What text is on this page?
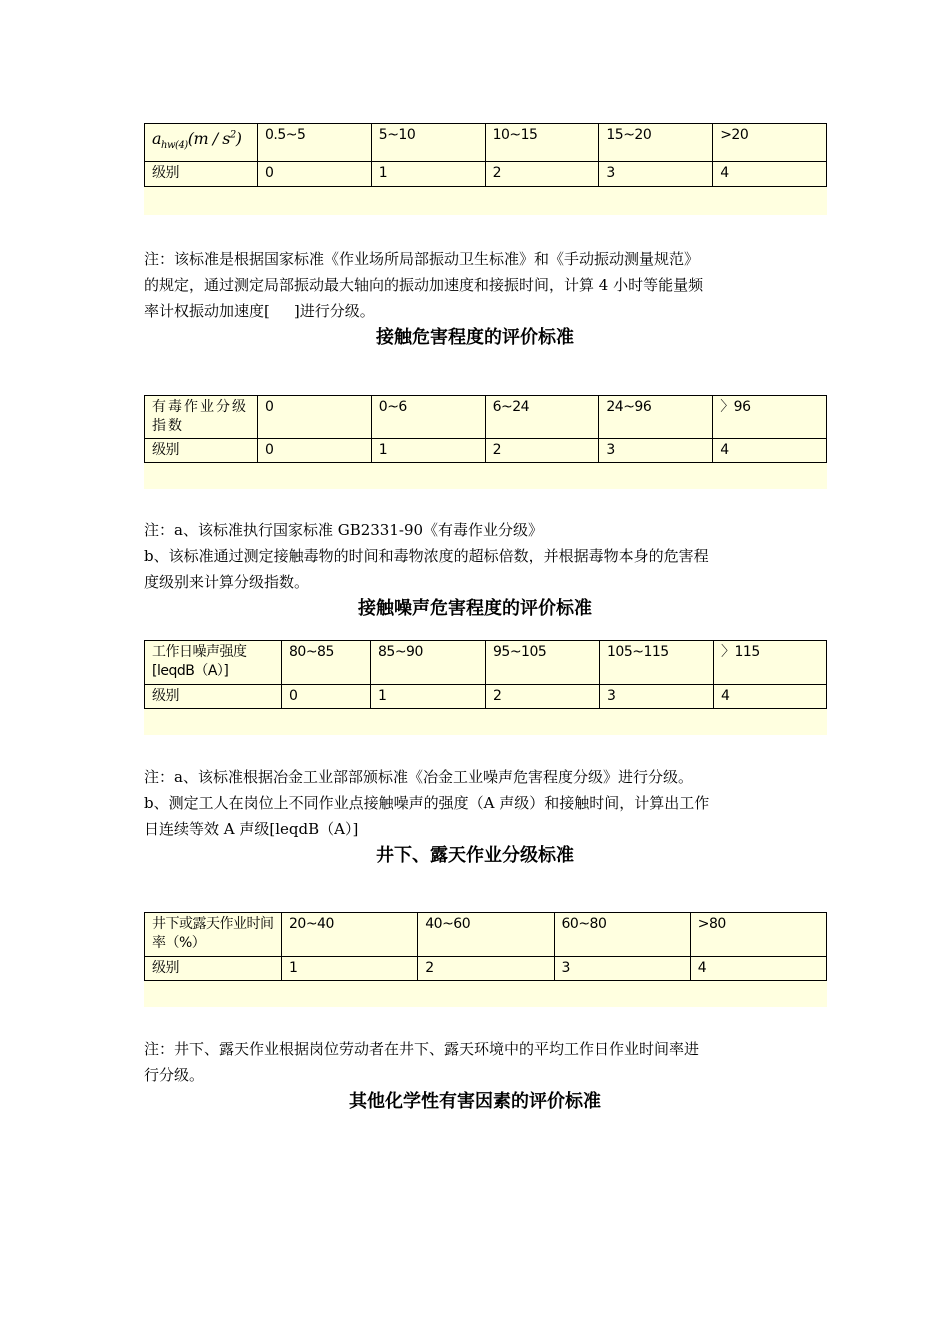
$a_{hw(4)}(m / s^2)$	0.5~5	5~10	10~15	15~20	>20
级别	0	1	2	3	4

注：该标准是根据国家标准《作业场所局部振动卫生标准》和《手动振动测量规范》

的规定，通过测定局部振动最大轴向的振动加速度和接振时间，计算 4 小时等能量频

率计权振动加速度[ ]进行分级。

接触危害程度的评价标准
有毒作业分级指数	0	0~6	6~24	24~96	〉96
级别	0	1	2	3	4

注：a、该标准执行国家标准 GB2331-90《有毒作业分级》

b、该标准通过测定接触毒物的时间和毒物浓度的超标倍数，并根据毒物本身的危害程

度级别来计算分级指数。

接触噪声危害程度的评价标准
工作日噪声强度[leqdB（A）]	80~85	85~90	95~105	105~115	〉115
级别	0	1	2	3	4

注：a、该标准根据冶金工业部部颁标准《冶金工业噪声危害程度分级》进行分级。

b、测定工人在岗位上不同作业点接触噪声的强度（A 声级）和接触时间，计算出工作

日连续等效 A 声级[leqdB（A）]

井下、露天作业分级标准
井下或露天作业时间率（%）	20~40	40~60	60~80	>80
级别	1	2	3	4

注：井下、露天作业根据岗位劳动者在井下、露天环境中的平均工作日作业时间率进

行分级。

其他化学性有害因素的评价标准
